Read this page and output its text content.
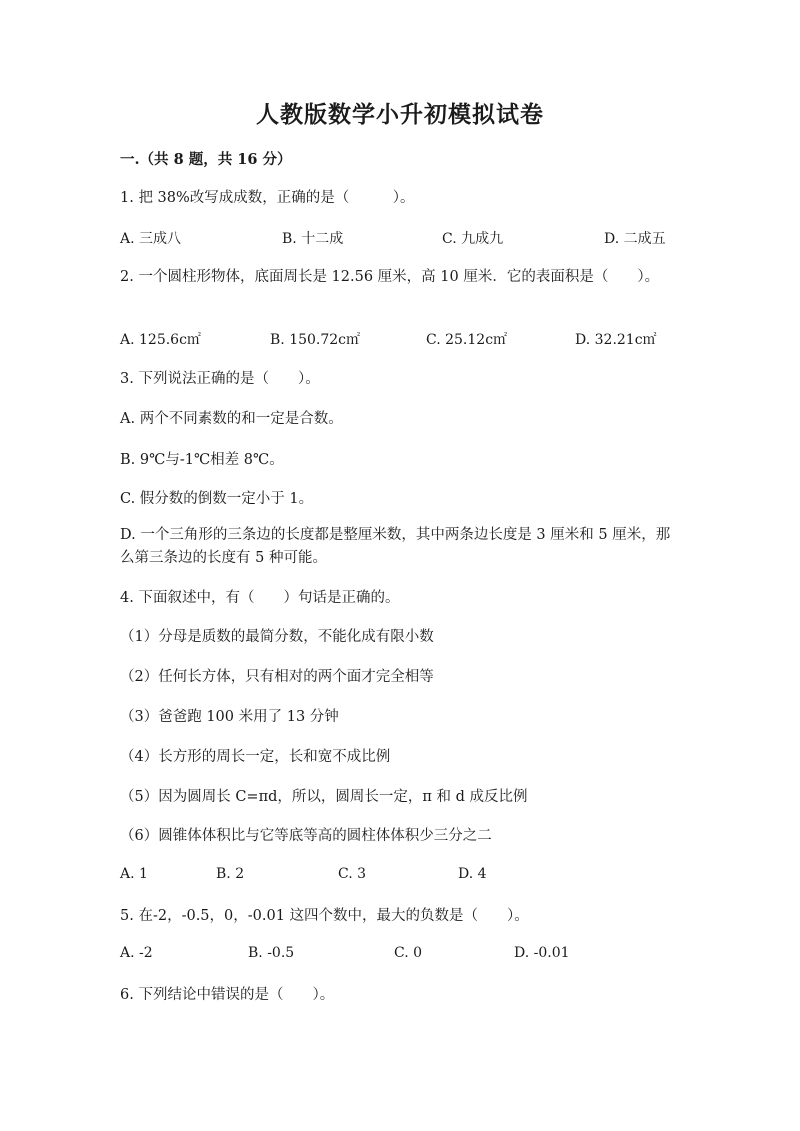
人教版数学小升初模拟试卷
一.（共 8 题，共 16 分）
1. 把 38%改写成成数，正确的是（　　　）。
A. 三成八	B. 十二成	C. 九成九	D. 二成五
2. 一个圆柱形物体，底面周长是 12.56 厘米，高 10 厘米．它的表面积是（　　）。
A. 125.6c㎡	B. 150.72c㎡	C. 25.12c㎡	D. 32.21c㎡
3. 下列说法正确的是（　　）。
A. 两个不同素数的和一定是合数。
B. 9℃与-1℃相差 8℃。
C. 假分数的倒数一定小于 1。
D. 一个三角形的三条边的长度都是整厘米数，其中两条边长度是 3 厘米和 5 厘米，那么第三条边的长度有 5 种可能。
4. 下面叙述中，有（　　）句话是正确的。
（1）分母是质数的最简分数，不能化成有限小数
（2）任何长方体，只有相对的两个面才完全相等
（3）爸爸跑 100 米用了 13 分钟
（4）长方形的周长一定，长和宽不成比例
（5）因为圆周长 C=πd，所以，圆周长一定，π 和 d 成反比例
（6）圆锥体体积比与它等底等高的圆柱体体积少三分之二
A. 1	B. 2	C. 3	D. 4
5. 在-2，-0.5，0，-0.01 这四个数中，最大的负数是（　　）。
A. -2	B. -0.5	C. 0	D. -0.01
6. 下列结论中错误的是（　　）。
